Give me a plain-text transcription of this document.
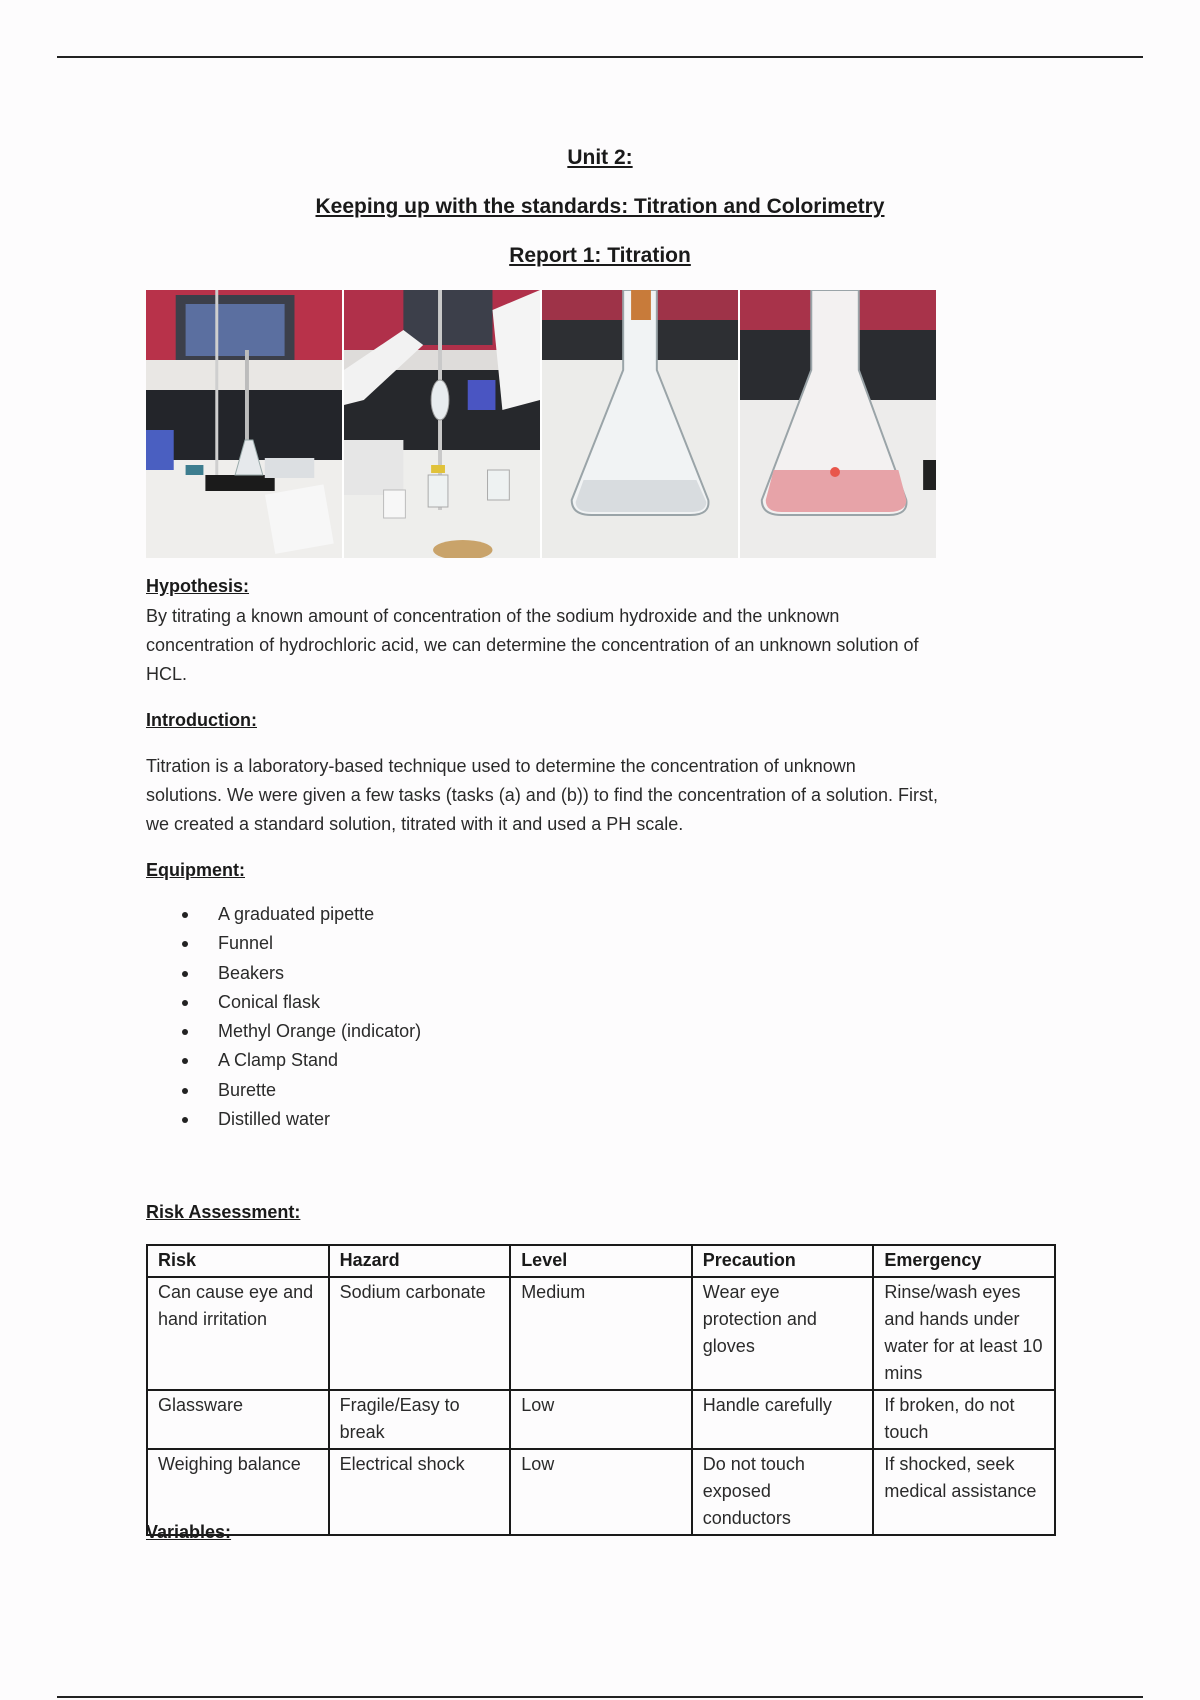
Unit 2:
Keeping up with the standards: Titration and Colorimetry
Report 1: Titration
Hypothesis:
By titrating a known amount of concentration of the sodium hydroxide and the unknown
concentration of hydrochloric acid, we can determine the concentration of an unknown solution of
HCL.
Introduction:
Titration is a laboratory-based technique used to determine the concentration of unknown
solutions. We were given a few tasks (tasks (a) and (b)) to find the concentration of a solution. First,
we created a standard solution, titrated with it and used a PH scale.
Equipment:
A graduated pipette
Funnel
Beakers
Conical flask
Methyl Orange (indicator)
A Clamp Stand
Burette
Distilled water
Risk Assessment:
Risk	Hazard	Level	Precaution	Emergency
Can cause eye and hand irritation	Sodium carbonate	Medium	Wear eye protection and gloves	Rinse/wash eyes and hands under water for at least 10 mins
Glassware	Fragile/Easy to break	Low	Handle carefully	If broken, do not touch
Weighing balance	Electrical shock	Low	Do not touch exposed conductors	If shocked, seek medical assistance
Variables:
